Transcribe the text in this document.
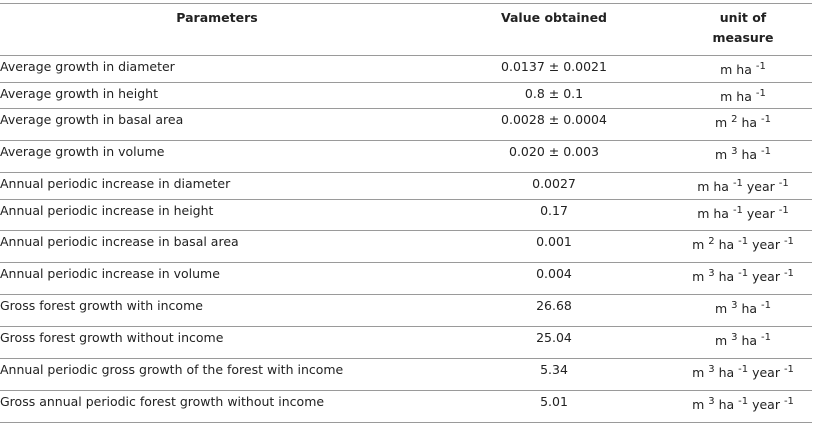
Parameters	Value obtained	unit of
measure
Average growth in diameter	0.0137 ± 0.0021	m ha $^{-1}$
Average growth in height	0.8 ± 0.1	m ha $^{-1}$
Average growth in basal area	0.0028 ± 0.0004	m $^2$ ha $^{-1}$
Average growth in volume	0.020 ± 0.003	m $^3$ ha $^{-1}$
Annual periodic increase in diameter	0.0027	m ha $^{-1}$ year $^{-1}$
Annual periodic increase in height	0.17	m ha $^{-1}$ year $^{-1}$
Annual periodic increase in basal area	0.001	m $^2$ ha $^{-1}$ year $^{-1}$
Annual periodic increase in volume	0.004	m $^3$ ha $^{-1}$ year $^{-1}$
Gross forest growth with income	26.68	m $^3$ ha $^{-1}$
Gross forest growth without income	25.04	m $^3$ ha $^{-1}$
Annual periodic gross growth of the forest with income	5.34	m $^3$ ha $^{-1}$ year $^{-1}$
Gross annual periodic forest growth without income	5.01	m $^3$ ha $^{-1}$ year $^{-1}$
